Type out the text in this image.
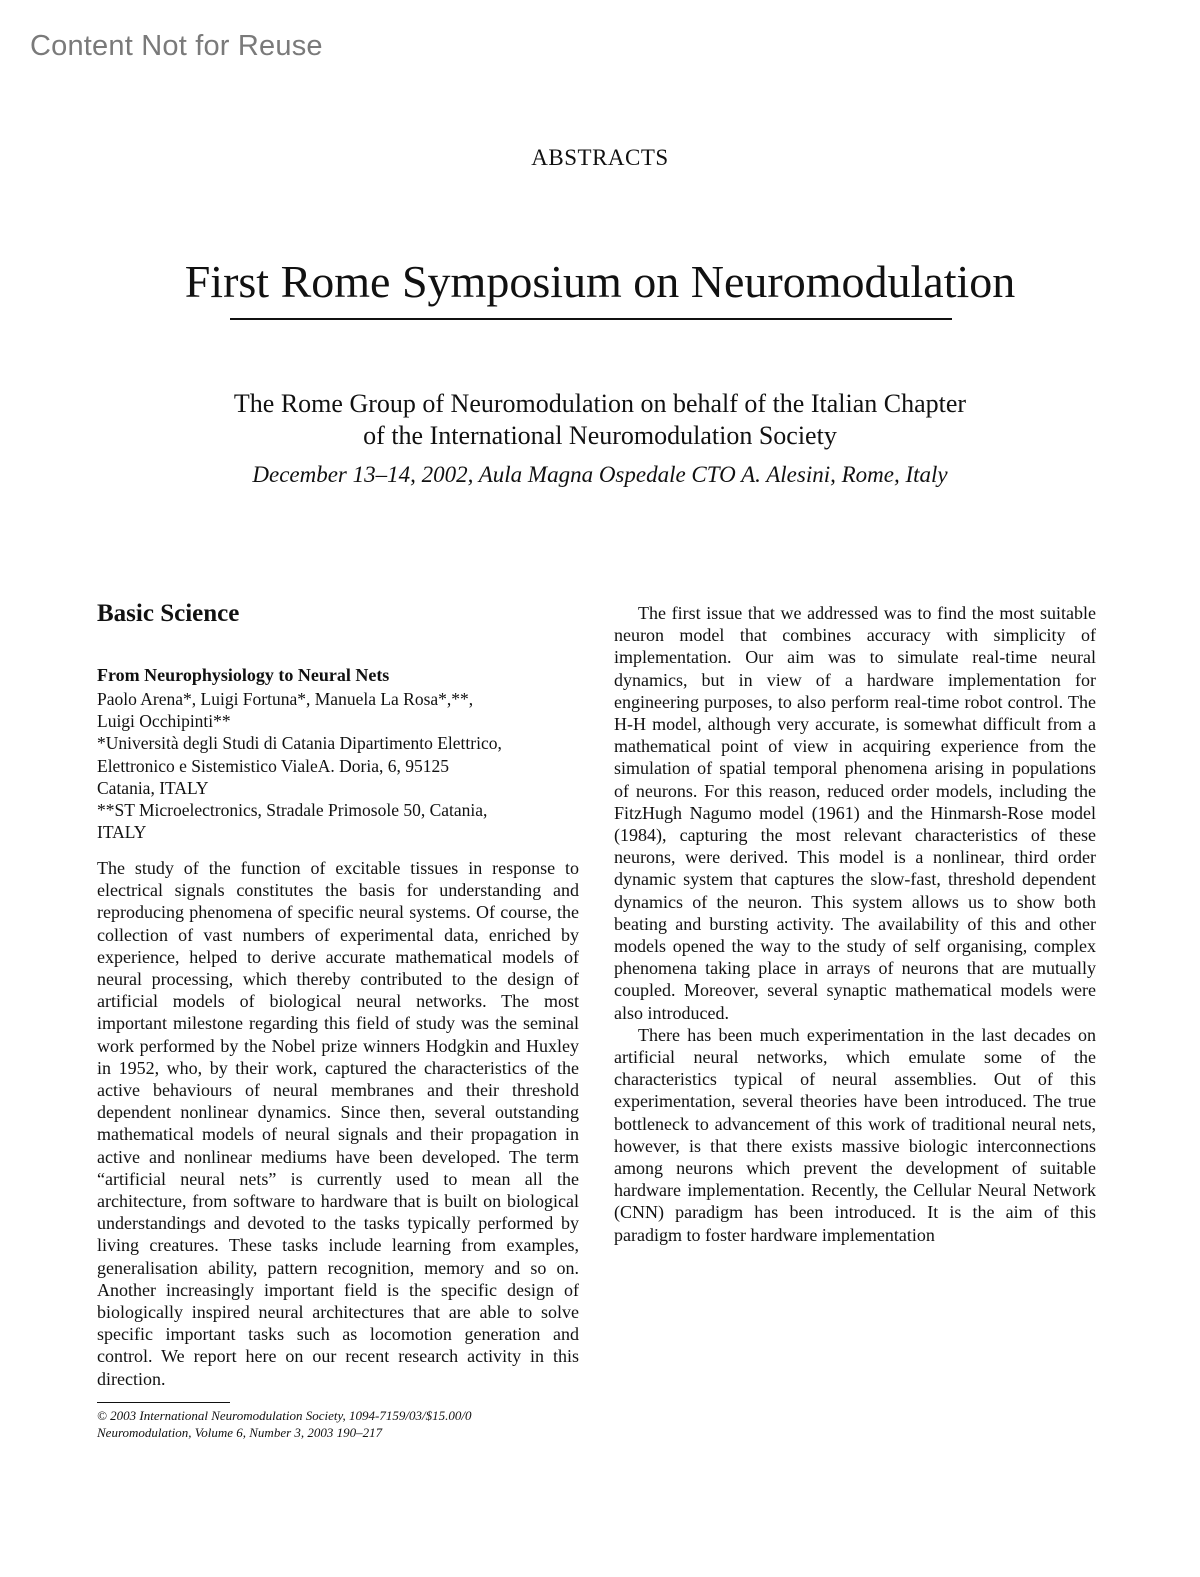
Content Not for Reuse
ABSTRACTS
First Rome Symposium on Neuromodulation
The Rome Group of Neuromodulation on behalf of the Italian Chapter
of the International Neuromodulation Society
December 13–14, 2002, Aula Magna Ospedale CTO A. Alesini, Rome, Italy
Basic Science
From Neurophysiology to Neural Nets
Paolo Arena*, Luigi Fortuna*, Manuela La Rosa*,**,
Luigi Occhipinti**
*Università degli Studi di Catania Dipartimento Elettrico,
Elettronico e Sistemistico VialeA. Doria, 6, 95125
Catania, ITALY
**ST Microelectronics, Stradale Primosole 50, Catania,
ITALY

The study of the function of excitable tissues in response to electrical signals constitutes the basis for understanding and reproducing phenomena of specific neural systems. Of course, the collection of vast numbers of experimental data, enriched by experience, helped to derive accurate mathematical models of neural processing, which thereby contributed to the design of artificial models of biological neural networks. The most important milestone regarding this field of study was the seminal work performed by the Nobel prize winners Hodgkin and Huxley in 1952, who, by their work, captured the characteristics of the active behaviours of neural membranes and their threshold dependent nonlinear dynamics. Since then, several outstanding mathematical models of neural signals and their propagation in active and nonlinear mediums have been developed. The term “artificial neural nets” is currently used to mean all the architecture, from software to hardware that is built on biological understandings and devoted to the tasks typically performed by living creatures. These tasks include learning from examples, generalisation ability, pattern recognition, memory and so on. Another increasingly important field is the specific design of biologically inspired neural architectures that are able to solve specific important tasks such as locomotion generation and control. We report here on our recent research activity in this direction.

The first issue that we addressed was to find the most suitable neuron model that combines accuracy with simplicity of implementation. Our aim was to simulate real-time neural dynamics, but in view of a hardware implementation for engineering purposes, to also perform real-time robot control. The H-H model, although very accurate, is somewhat difficult from a mathematical point of view in acquiring experience from the simulation of spatial temporal phenomena arising in populations of neurons. For this reason, reduced order models, including the FitzHugh Nagumo model (1961) and the Hinmarsh-Rose model (1984), capturing the most relevant characteristics of these neurons, were derived. This model is a nonlinear, third order dynamic system that captures the slow-fast, threshold dependent dynamics of the neuron. This system allows us to show both beating and bursting activity. The availability of this and other models opened the way to the study of self organising, complex phenomena taking place in arrays of neurons that are mutually coupled. Moreover, several synaptic mathematical models were also introduced.

There has been much experimentation in the last decades on artificial neural networks, which emulate some of the characteristics typical of neural assemblies. Out of this experimentation, several theories have been introduced. The true bottleneck to advancement of this work of traditional neural nets, however, is that there exists massive biologic interconnections among neurons which prevent the development of suitable hardware implementation. Recently, the Cellular Neural Network (CNN) paradigm has been introduced. It is the aim of this paradigm to foster hardware implementation

© 2003 International Neuromodulation Society, 1094-7159/03/$15.00/0
Neuromodulation, Volume 6, Number 3, 2003 190–217
